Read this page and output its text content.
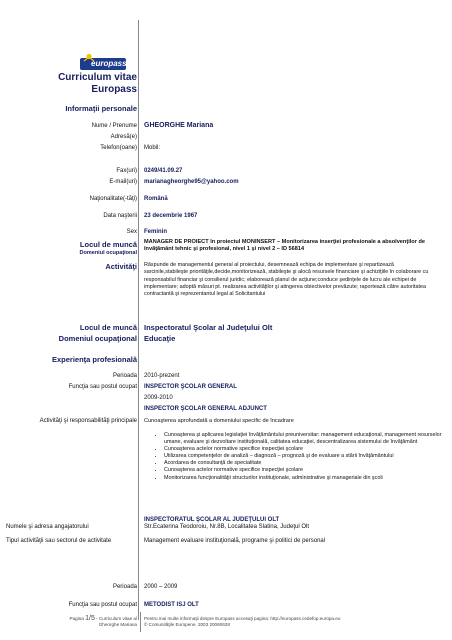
europass
Curriculum vitae
Europass
Informaţii personale
Nume / Prenume GHEORGHE Mariana
Adresă(e)
Telefon(oane) Mobil:
Fax(uri) 0249/41.09.27
E-mail(uri) marianagheorghe95@yahoo.com
Naţionalitate(-tăţi) Română
Data naşterii 23 decembrie 1967
Sex Feminin
Locul de muncă
Domeniul ocupaţional
MANAGER DE PROIECT în proiectul MONINSERT – Monitorizarea inserţiei profesionale a absolvenţilor de învăţământ tehnic şi profesional, nivel 1 şi nivel 2 – ID 56814
Activităţi Răspunde de managementul general al proiectului, desemnează echipa de implementare şi repartizează sarcinile,stabileşte priorităţile,decide,monitorizează, stabileşte şi alocă resursele financiare şi achiziţiile în colaborare cu responsabilul financiar şi consilierul juridic; elaborează planul de acţiune;conduce şedinţele de lucru ale echipei de implementare; adoptă măsuri pt. realizarea activităţilor şi atingerea obiectivelor prevăzute; raportează către autoritatea contractantă şi reprezentantul legal al Solicitantului
Locul de muncă Inspectoratul Şcolar al Judeţului Olt
Domeniul ocupaţional Educaţie
Experienţa profesională
Perioada 2010-prezent
Funcţia sau postul ocupat INSPECTOR ŞCOLAR GENERAL
2009-2010
INSPECTOR ŞCOLAR GENERAL ADJUNCT
Activităţi şi responsabilităţi principale Cunoaşterea aprofundată a domeniului specific de încadrare
• Cunoaşterea şi aplicarea legislaţiei învăţământului preuniversitar: management educaţional, management resurselor umane, evaluare şi dezvoltare instituţională, calitatea educaţiei, descentralizarea sistemului de învăţământ
• Cunoaşterea actelor normative specifice inspecţiei şcolare
• Utilizarea competenţelor de analiză – diagnoză – prognoză şi de evaluare a stării învăţământului
• Acordarea de consultanţă de specialitate
• Cunoaşterea actelor normative specifice inspecţiei şcolare
• Monitorizarea funcţionalităţii structurilor instituţionale, administrative şi manageriale din şcoli
INSPECTORATUL ŞCOLAR AL JUDEŢULUI OLT
Numele şi adresa angajatorului	Str.Ecaterina Teodoroiu, Nr.8B, Localitatea Slatina, Judeţul Olt
Tipul activităţii sau sectorul de activitate	Management evaluare instituţională, programe şi politici de personal
Perioada 2000 – 2009
Funcţia sau postul ocupat METODIST ISJ OLT
Pagina 1/5 - Curriculum vitae al Gheorghe Mariana
Pentru mai multe informaţii despre Europass accesaţi pagina: http://europass.cedefop.europa.eu
© Comunităţile Europene, 2003 20060628
